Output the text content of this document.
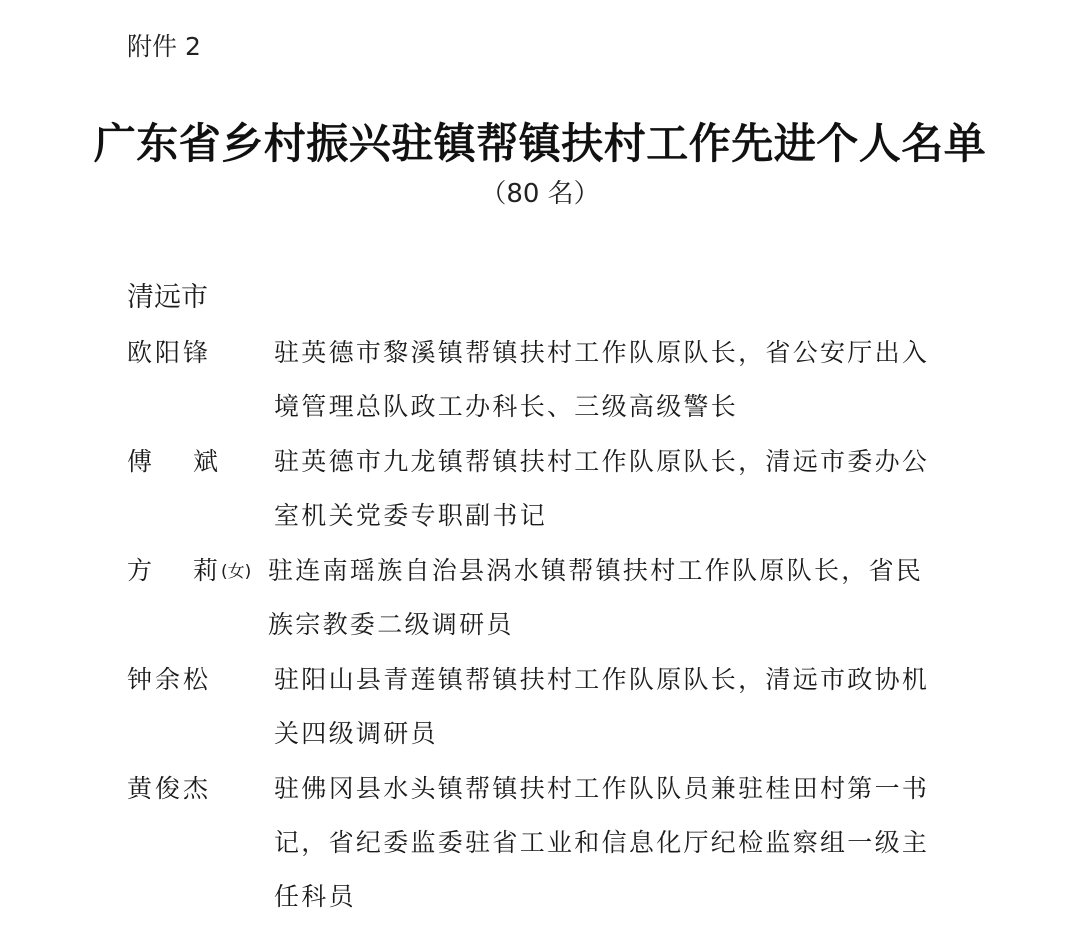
附件 2
广东省乡村振兴驻镇帮镇扶村工作先进个人名单
（80 名）
清远市
欧阳锋	驻英德市黎溪镇帮镇扶村工作队原队长，省公安厅出入境管理总队政工办科长、三级高级警长
傅 斌	驻英德市九龙镇帮镇扶村工作队原队长，清远市委办公室机关党委专职副书记
方 莉(女) 驻连南瑶族自治县涡水镇帮镇扶村工作队原队长，省民族宗教委二级调研员
钟余松	驻阳山县青莲镇帮镇扶村工作队原队长，清远市政协机关四级调研员
黄俊杰	驻佛冈县水头镇帮镇扶村工作队队员兼驻桂田村第一书记，省纪委监委驻省工业和信息化厅纪检监察组一级主任科员
